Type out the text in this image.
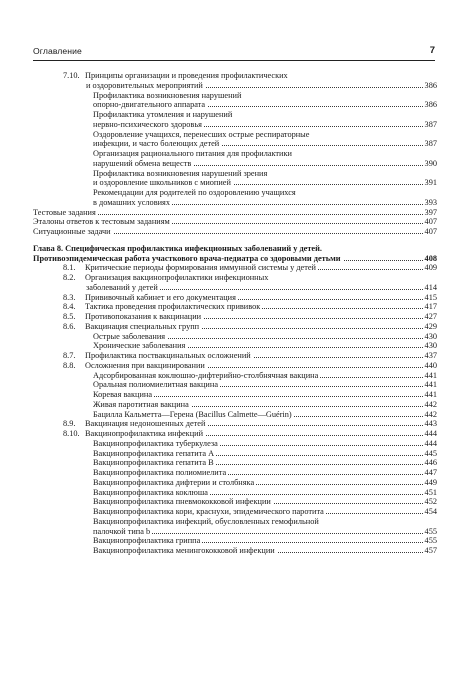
Оглавление	7
7.10. Принципы организации и проведения профилактических
и оздоровительных мероприятий	386
Профилактика возникновения нарушений
опорно-двигательного аппарата	386
Профилактика утомления и нарушений
нервно-психического здоровья	387
Оздоровление учащихся, перенесших острые респираторные
инфекции, и часто болеющих детей	387
Организация рационального питания для профилактики
нарушений обмена веществ	390
Профилактика возникновения нарушений зрения
и оздоровление школьников с миопией	391
Рекомендации для родителей по оздоровлению учащихся
в домашних условиях	393
Тестовые задания	397
Эталоны ответов к тестовым заданиям	407
Ситуационные задачи	407
Глава 8. Специфическая профилактика инфекционных заболеваний у детей.
Противоэпидемическая работа участкового врача-педиатра со здоровыми детьми	408
8.1. Критические периоды формирования иммунной системы у детей	409
8.2. Организация вакцинопрофилактики инфекционных
заболеваний у детей	414
8.3. Прививочный кабинет и его документация	415
8.4. Тактика проведения профилактических прививок	417
8.5. Противопоказания к вакцинации	427
8.6. Вакцинация специальных групп	429
Острые заболевания	430
Хронические заболевания	430
8.7. Профилактика поствакцинальных осложнений	437
8.8. Осложнения при вакцинировании	440
Адсорбированная коклюшно-дифтерийно-столбнячная вакцина	441
Оральная полиомиелитная вакцина	441
Коревая вакцина	441
Живая паротитная вакцина	442
Бацилла Кальметта—Герена (Bacillus Calmette—Guérin)	442
8.9. Вакцинация недоношенных детей	443
8.10. Вакцинопрофилактика инфекций	444
Вакцинопрофилактика туберкулеза	444
Вакцинопрофилактика гепатита А	445
Вакцинопрофилактика гепатита В	446
Вакцинопрофилактика полиомиелита	447
Вакцинопрофилактика дифтерии и столбняка	449
Вакцинопрофилактика коклюша	451
Вакцинопрофилактика пневмококковой инфекции	452
Вакцинопрофилактика кори, краснухи, эпидемического паротита	454
Вакцинопрофилактика инфекций, обусловленных гемофильной
палочкой типа b	455
Вакцинопрофилактика гриппа	455
Вакцинопрофилактика менингококковой инфекции	457
